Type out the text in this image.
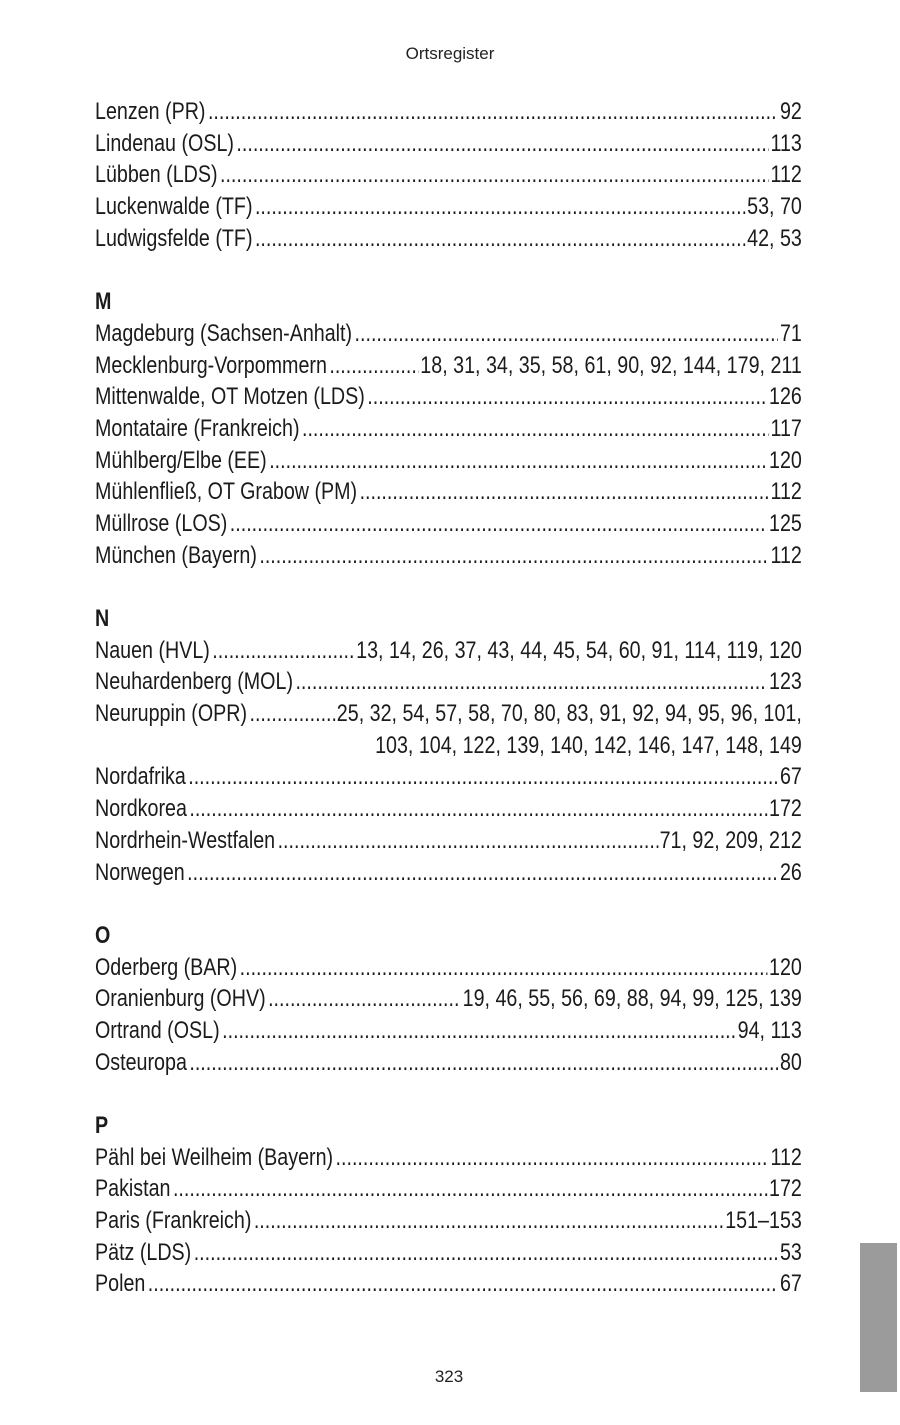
Ortsregister
Lenzen (PR) .....	92
Lindenau (OSL) .....	113
Lübben (LDS) .....	112
Luckenwalde (TF) .....	53, 70
Ludwigsfelde (TF) .....	42, 53
M
Magdeburg (Sachsen-Anhalt) .....	71
Mecklenburg-Vorpommern .....	18, 31, 34, 35, 58, 61, 90, 92, 144, 179, 211
Mittenwalde, OT Motzen (LDS) .....	126
Montataire (Frankreich) .....	117
Mühlberg/Elbe (EE) .....	120
Mühlenfließ, OT Grabow (PM) .....	112
Müllrose (LOS) .....	125
München (Bayern) .....	112
N
Nauen (HVL) .....	13, 14, 26, 37, 43, 44, 45, 54, 60, 91, 114, 119, 120
Neuhardenberg (MOL) .....	123
Neuruppin (OPR) .....	25, 32, 54, 57, 58, 70, 80, 83, 91, 92, 94, 95, 96, 101,
103, 104, 122, 139, 140, 142, 146, 147, 148, 149
Nordafrika .....	67
Nordkorea .....	172
Nordrhein-Westfalen .....	71, 92, 209, 212
Norwegen .....	26
O
Oderberg (BAR) .....	120
Oranienburg (OHV) .....	19, 46, 55, 56, 69, 88, 94, 99, 125, 139
Ortrand (OSL) .....	94, 113
Osteuropa .....	80
P
Pähl bei Weilheim (Bayern) .....	112
Pakistan .....	172
Paris (Frankreich) .....	151–153
Pätz (LDS) .....	53
Polen .....	67
323
